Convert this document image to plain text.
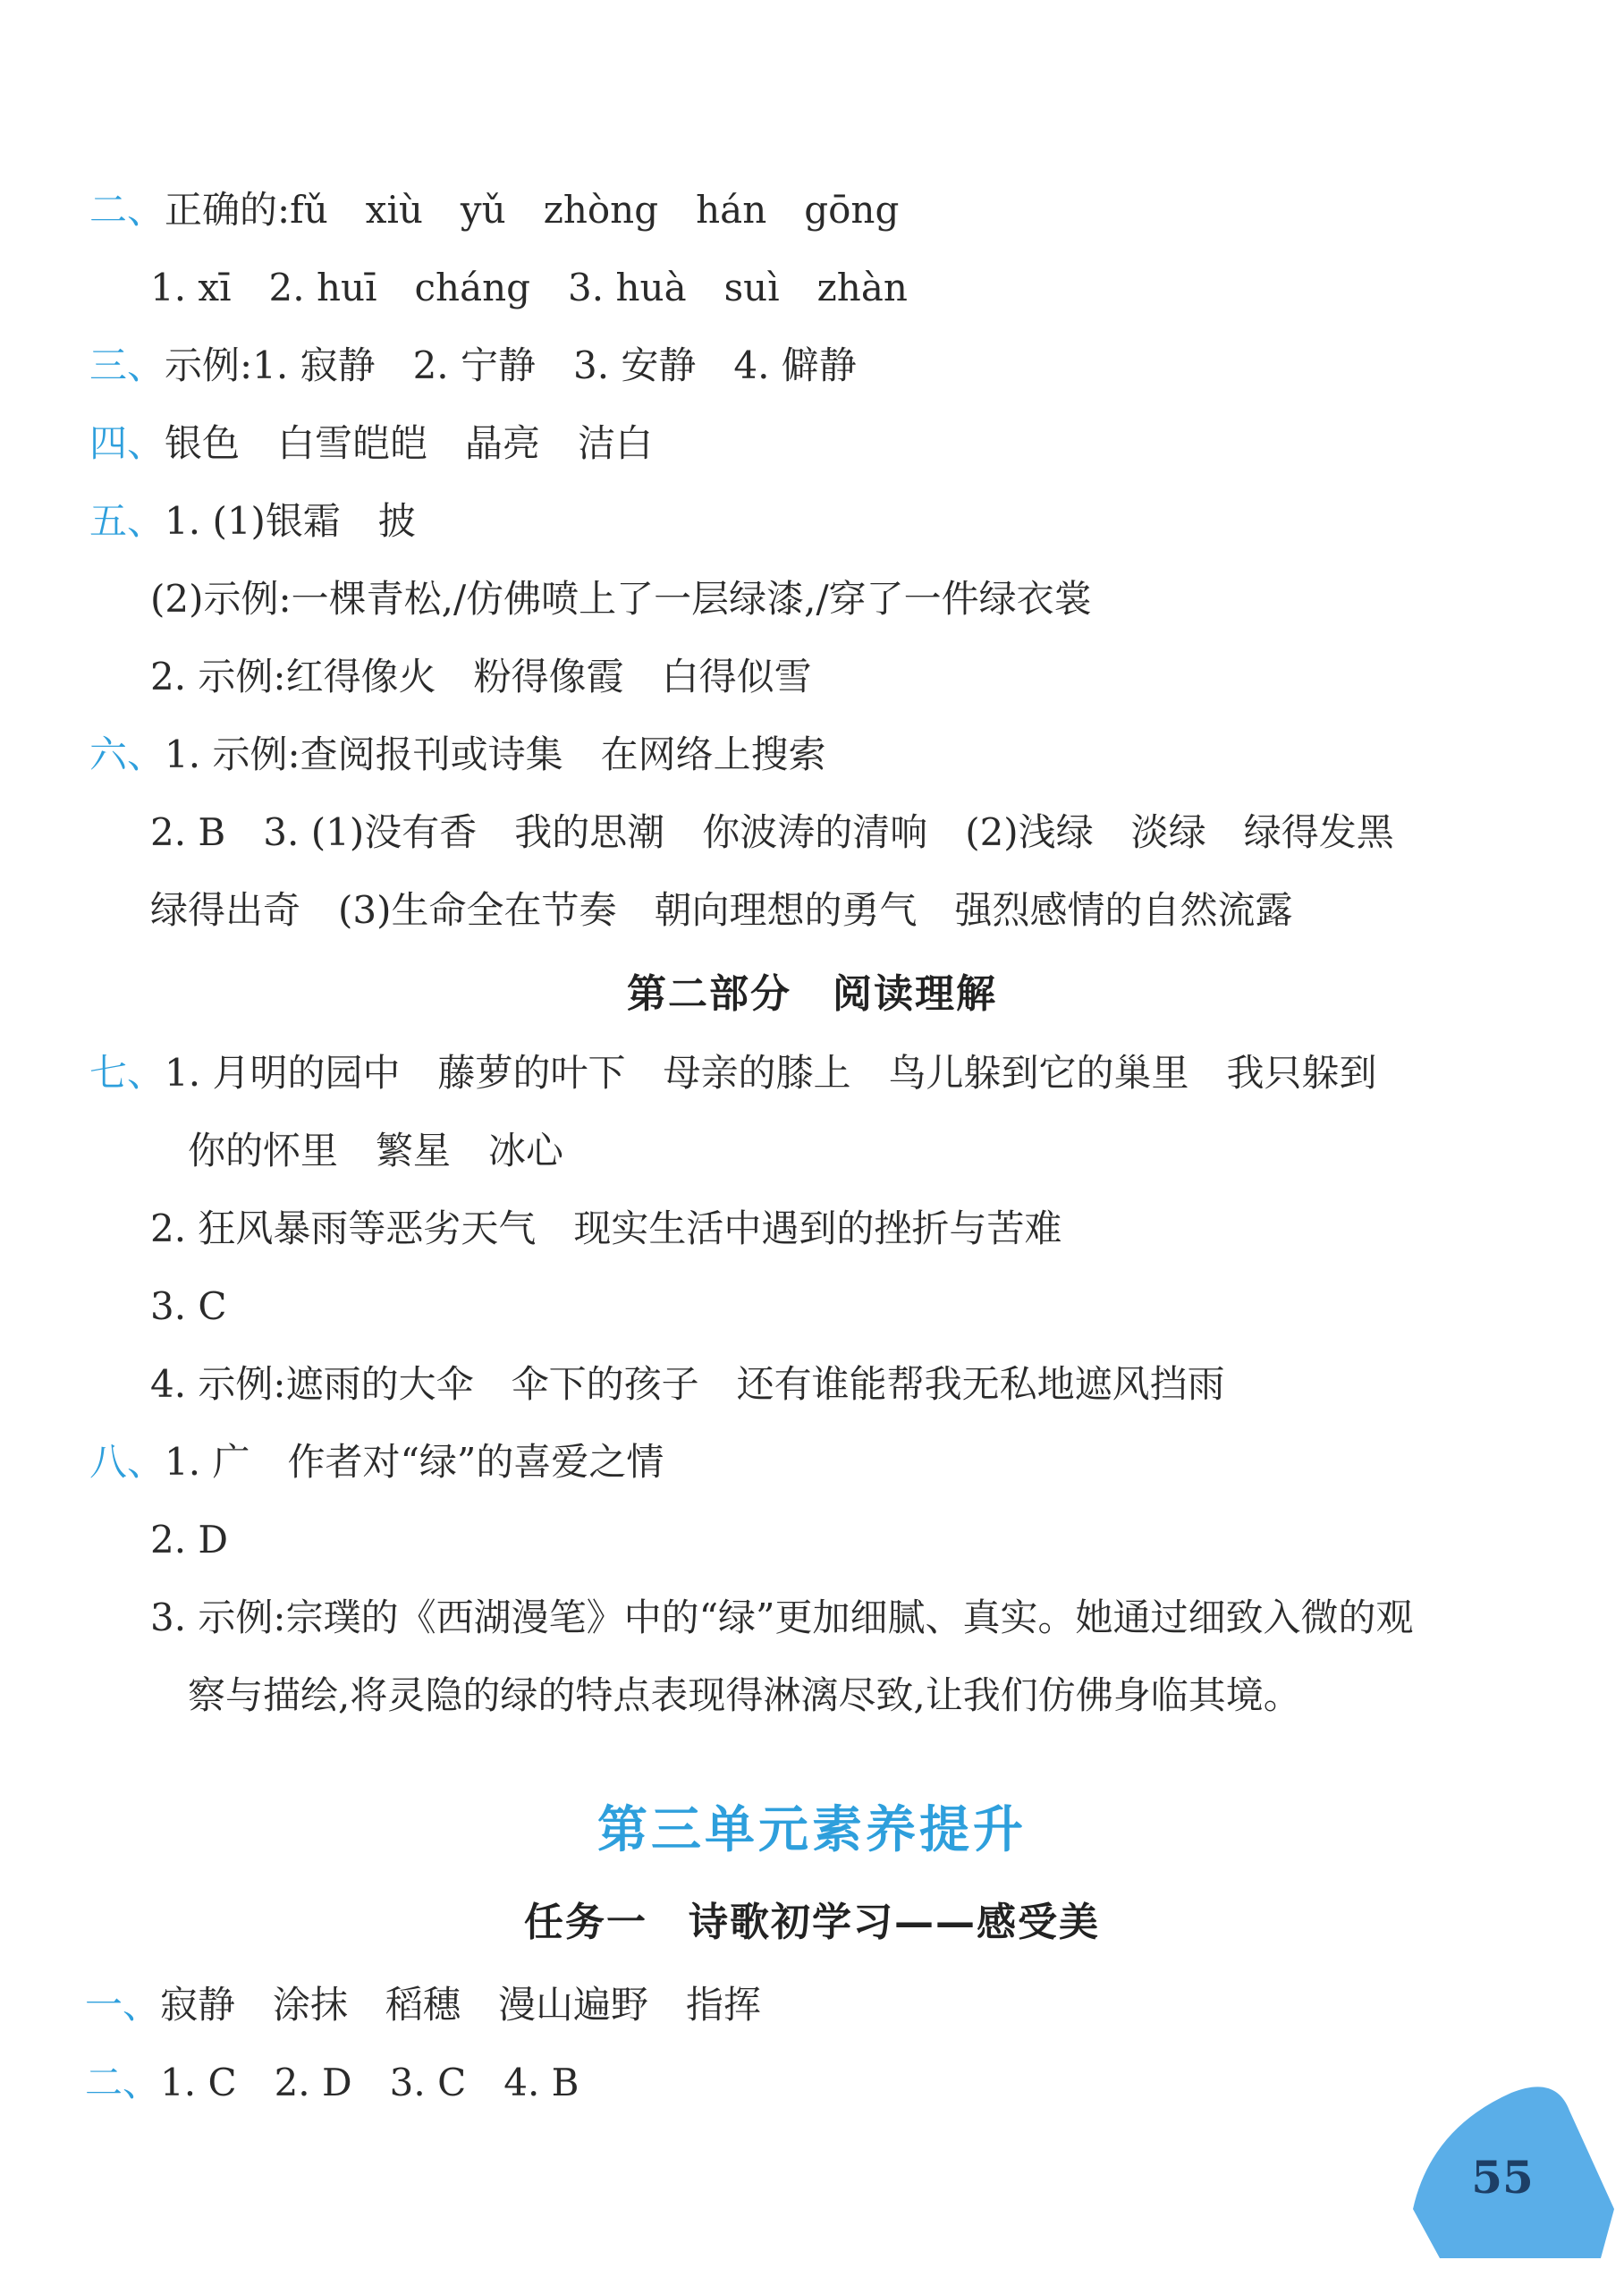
二、正确的:fǔ　xiù　yǔ　zhòng　hán　gōng
1. xī　2. huī　cháng　3. huà　suì　zhàn
三、示例:1. 寂静　2. 宁静　3. 安静　4. 僻静
四、银色　白雪皑皑　晶亮　洁白
五、1. (1)银霜　披
(2)示例:一棵青松,/仿佛喷上了一层绿漆,/穿了一件绿衣裳
2. 示例:红得像火　粉得像霞　白得似雪
六、1. 示例:查阅报刊或诗集　在网络上搜索
2. B　3. (1)没有香　我的思潮　你波涛的清响　(2)浅绿　淡绿　绿得发黑
绿得出奇　(3)生命全在节奏　朝向理想的勇气　强烈感情的自然流露
第二部分　阅读理解
七、1. 月明的园中　藤萝的叶下　母亲的膝上　鸟儿躲到它的巢里　我只躲到
你的怀里　繁星　冰心
2. 狂风暴雨等恶劣天气　现实生活中遇到的挫折与苦难
3. C
4. 示例:遮雨的大伞　伞下的孩子　还有谁能帮我无私地遮风挡雨
八、1. 广　作者对“绿”的喜爱之情
2. D
3. 示例:宗璞的《西湖漫笔》中的“绿”更加细腻、真实。她通过细致入微的观
察与描绘,将灵隐的绿的特点表现得淋漓尽致,让我们仿佛身临其境。
第三单元素养提升
任务一　诗歌初学习——感受美
一、寂静　涂抹　稻穗　漫山遍野　指挥
二、1. C　2. D　3. C　4. B
55
